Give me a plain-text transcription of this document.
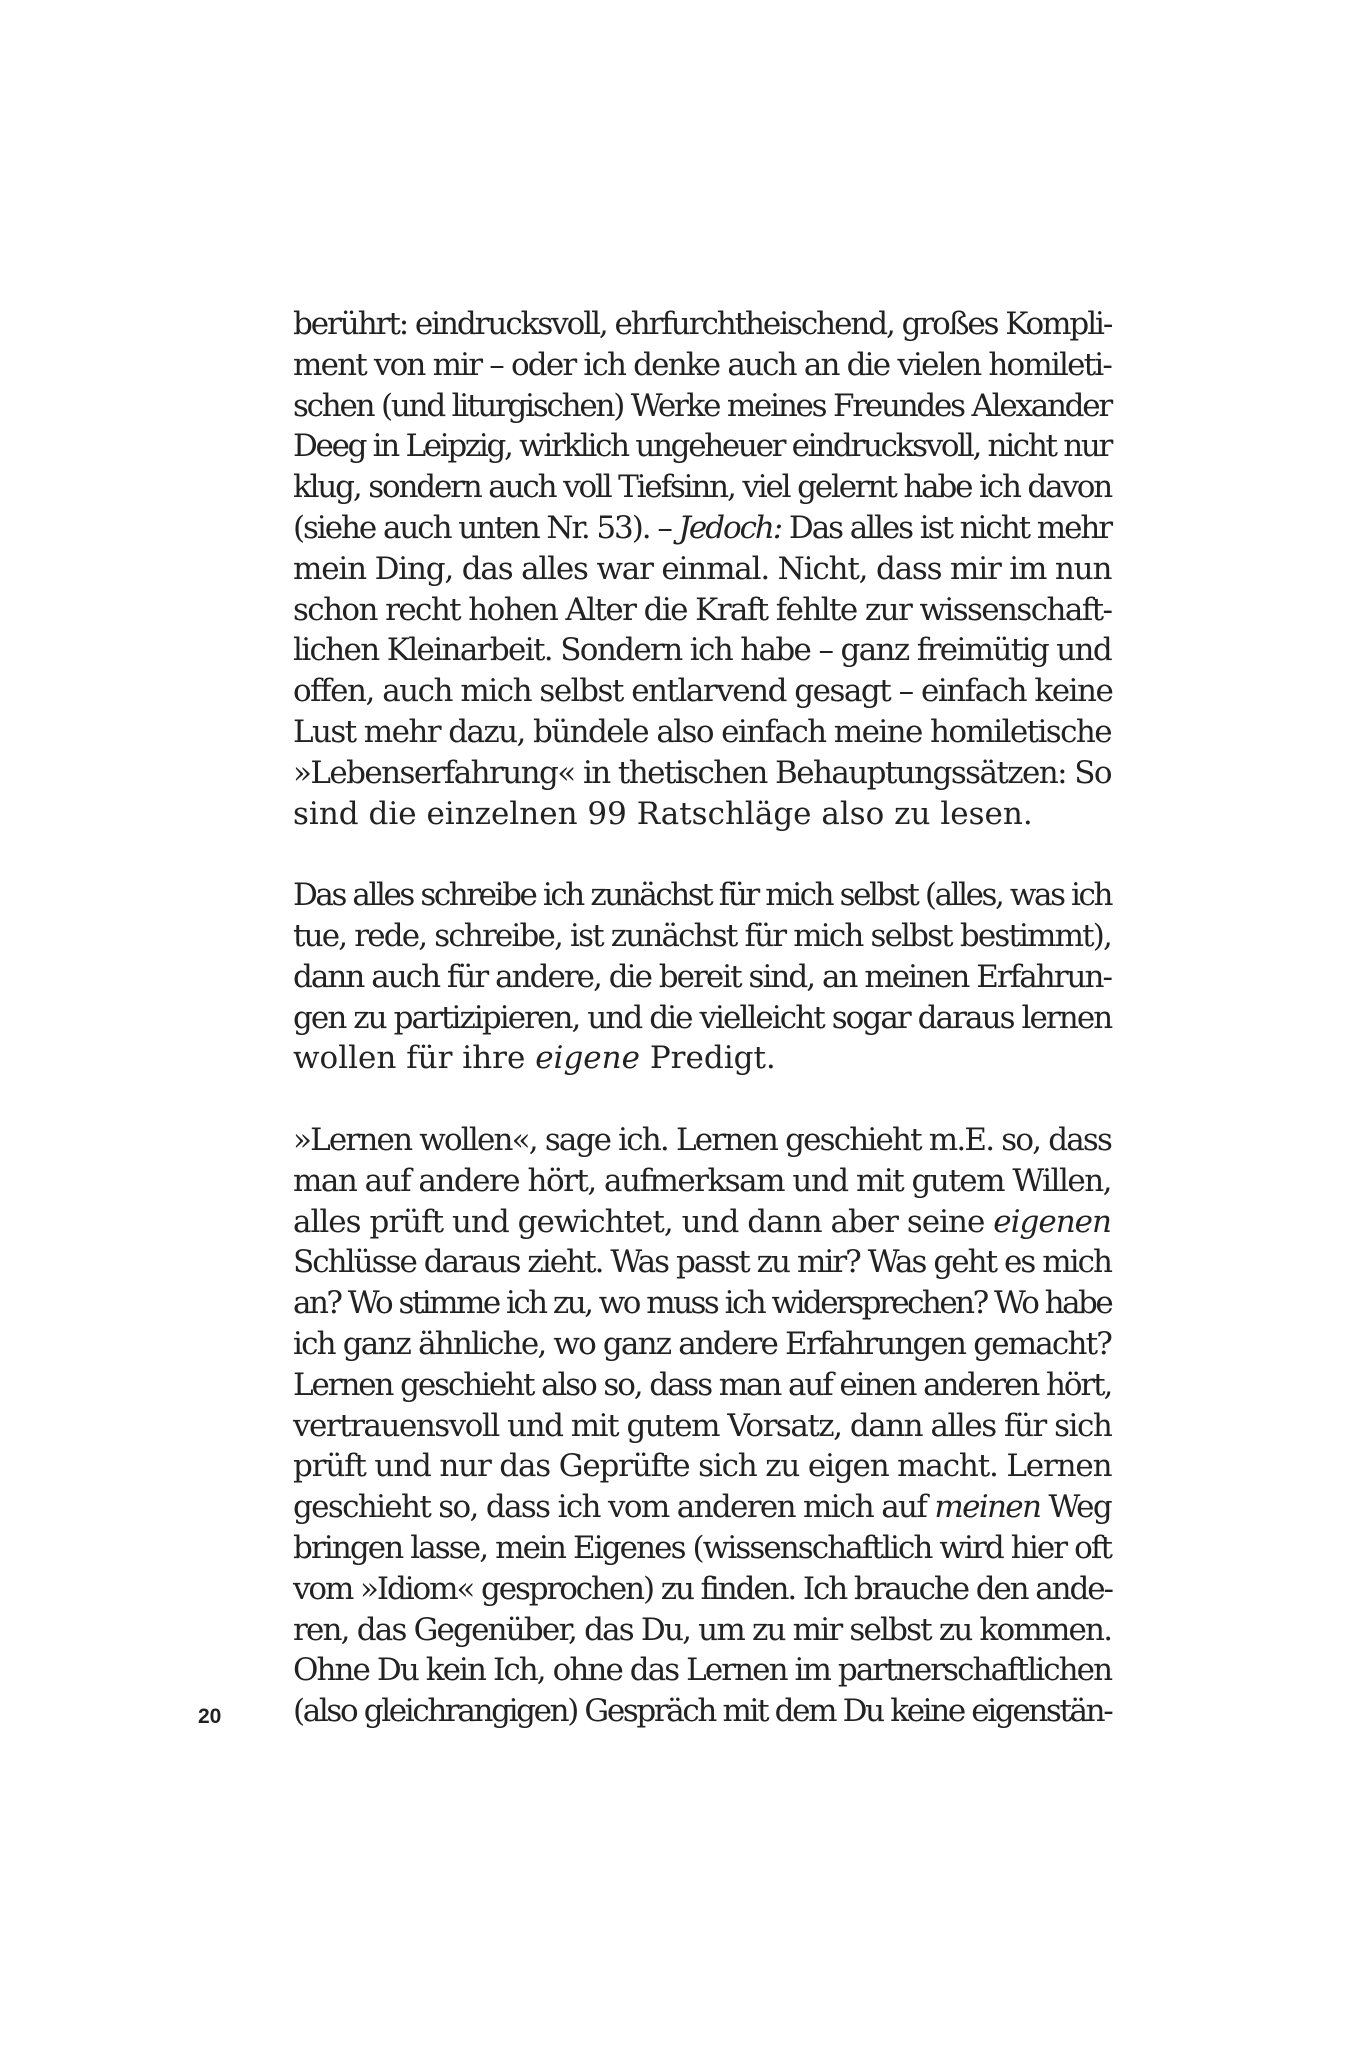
berührt: eindrucksvoll, ehrfurchtheischend, großes Kompli-
ment von mir – oder ich denke auch an die vielen homileti-
schen (und liturgischen) Werke meines Freundes Alexander
Deeg in Leipzig, wirklich ungeheuer eindrucksvoll, nicht nur
klug, sondern auch voll Tiefsinn, viel gelernt habe ich davon
(siehe auch unten Nr. 53). – Jedoch: Das alles ist nicht mehr
mein Ding, das alles war einmal. Nicht, dass mir im nun
schon recht hohen Alter die Kraft fehlte zur wissenschaft-
lichen Kleinarbeit. Sondern ich habe – ganz freimütig und
offen, auch mich selbst entlarvend gesagt – einfach keine
Lust mehr dazu, bündele also einfach meine homiletische
»Lebenserfahrung« in thetischen Behauptungssätzen: So
sind die einzelnen 99 Ratschläge also zu lesen.

Das alles schreibe ich zunächst für mich selbst (alles, was ich
tue, rede, schreibe, ist zunächst für mich selbst bestimmt),
dann auch für andere, die bereit sind, an meinen Erfahrun-
gen zu partizipieren, und die vielleicht sogar daraus lernen
wollen für ihre eigene Predigt.

»Lernen wollen«, sage ich. Lernen geschieht m.E. so, dass
man auf andere hört, aufmerksam und mit gutem Willen,
alles prüft und gewichtet, und dann aber seine eigenen
Schlüsse daraus zieht. Was passt zu mir? Was geht es mich
an? Wo stimme ich zu, wo muss ich widersprechen? Wo habe
ich ganz ähnliche, wo ganz andere Erfahrungen gemacht?
Lernen geschieht also so, dass man auf einen anderen hört,
vertrauensvoll und mit gutem Vorsatz, dann alles für sich
prüft und nur das Geprüfte sich zu eigen macht. Lernen
geschieht so, dass ich vom anderen mich auf meinen Weg
bringen lasse, mein Eigenes (wissenschaftlich wird hier oft
vom »Idiom« gesprochen) zu finden. Ich brauche den ande-
ren, das Gegenüber, das Du, um zu mir selbst zu kommen.
Ohne Du kein Ich, ohne das Lernen im partnerschaftlichen
(also gleichrangigen) Gespräch mit dem Du keine eigenstän-

20
